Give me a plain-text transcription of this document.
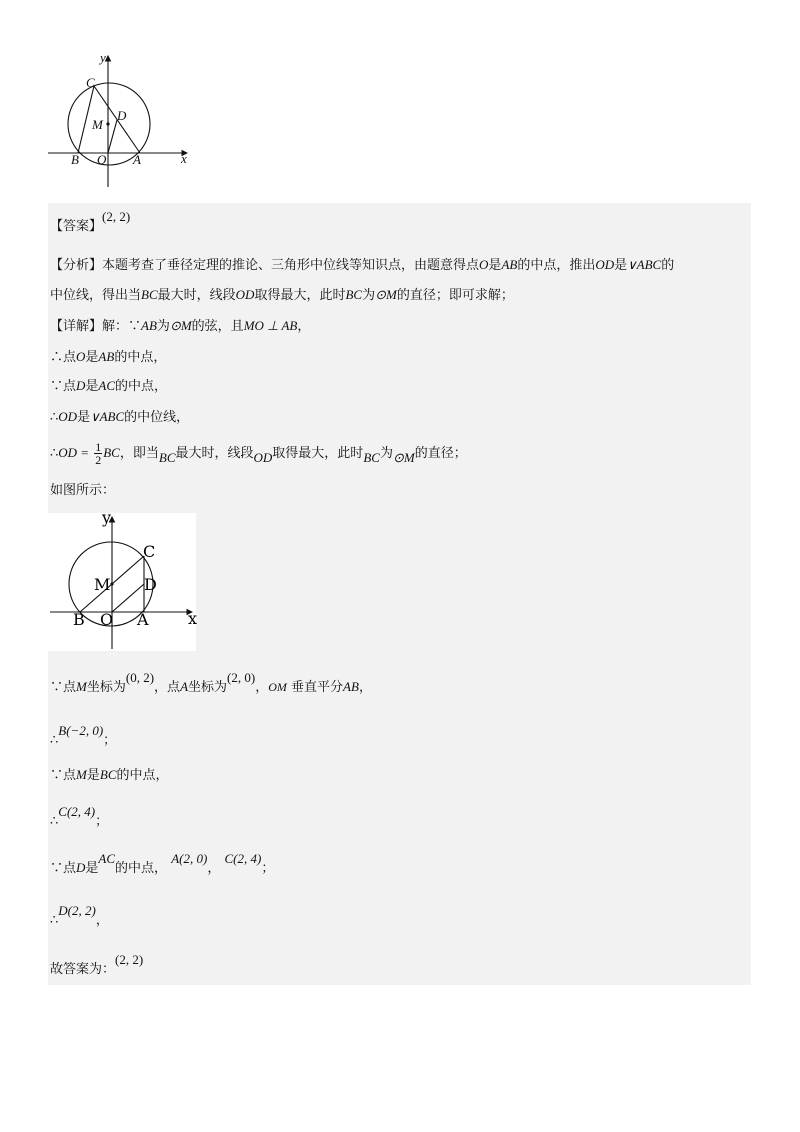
y
x
C
D
M
B O A
【答案】(2, 2)
【分析】本题考查了垂径定理的推论、三角形中位线等知识点，由题意得点O是AB的中点，推出OD是∨ABC的
中位线，得出当BC最大时，线段OD取得最大，此时BC为⊙M的直径；即可求解；
【详解】解：∵AB为⊙M的弦，且MO ⊥ AB，
∴点O是AB的中点，
∵点D是AC的中点，
∴OD是∨ABC的中位线，
∴OD = $\frac{1}{2}$ BC，即当BC最大时，线段OD取得最大，此时BC为⊙M的直径；
如图所示：
y
x
C
D
M
B O A
∵点M坐标为(0, 2)，点A坐标为(2, 0)，OM 垂直平分AB，
∴B(−2, 0)；
∵点M是BC的中点，
∴C(2, 4)；
∵点D是AC的中点， A(2, 0)， C(2, 4)；
∴D(2, 2)，
故答案为：(2, 2)
